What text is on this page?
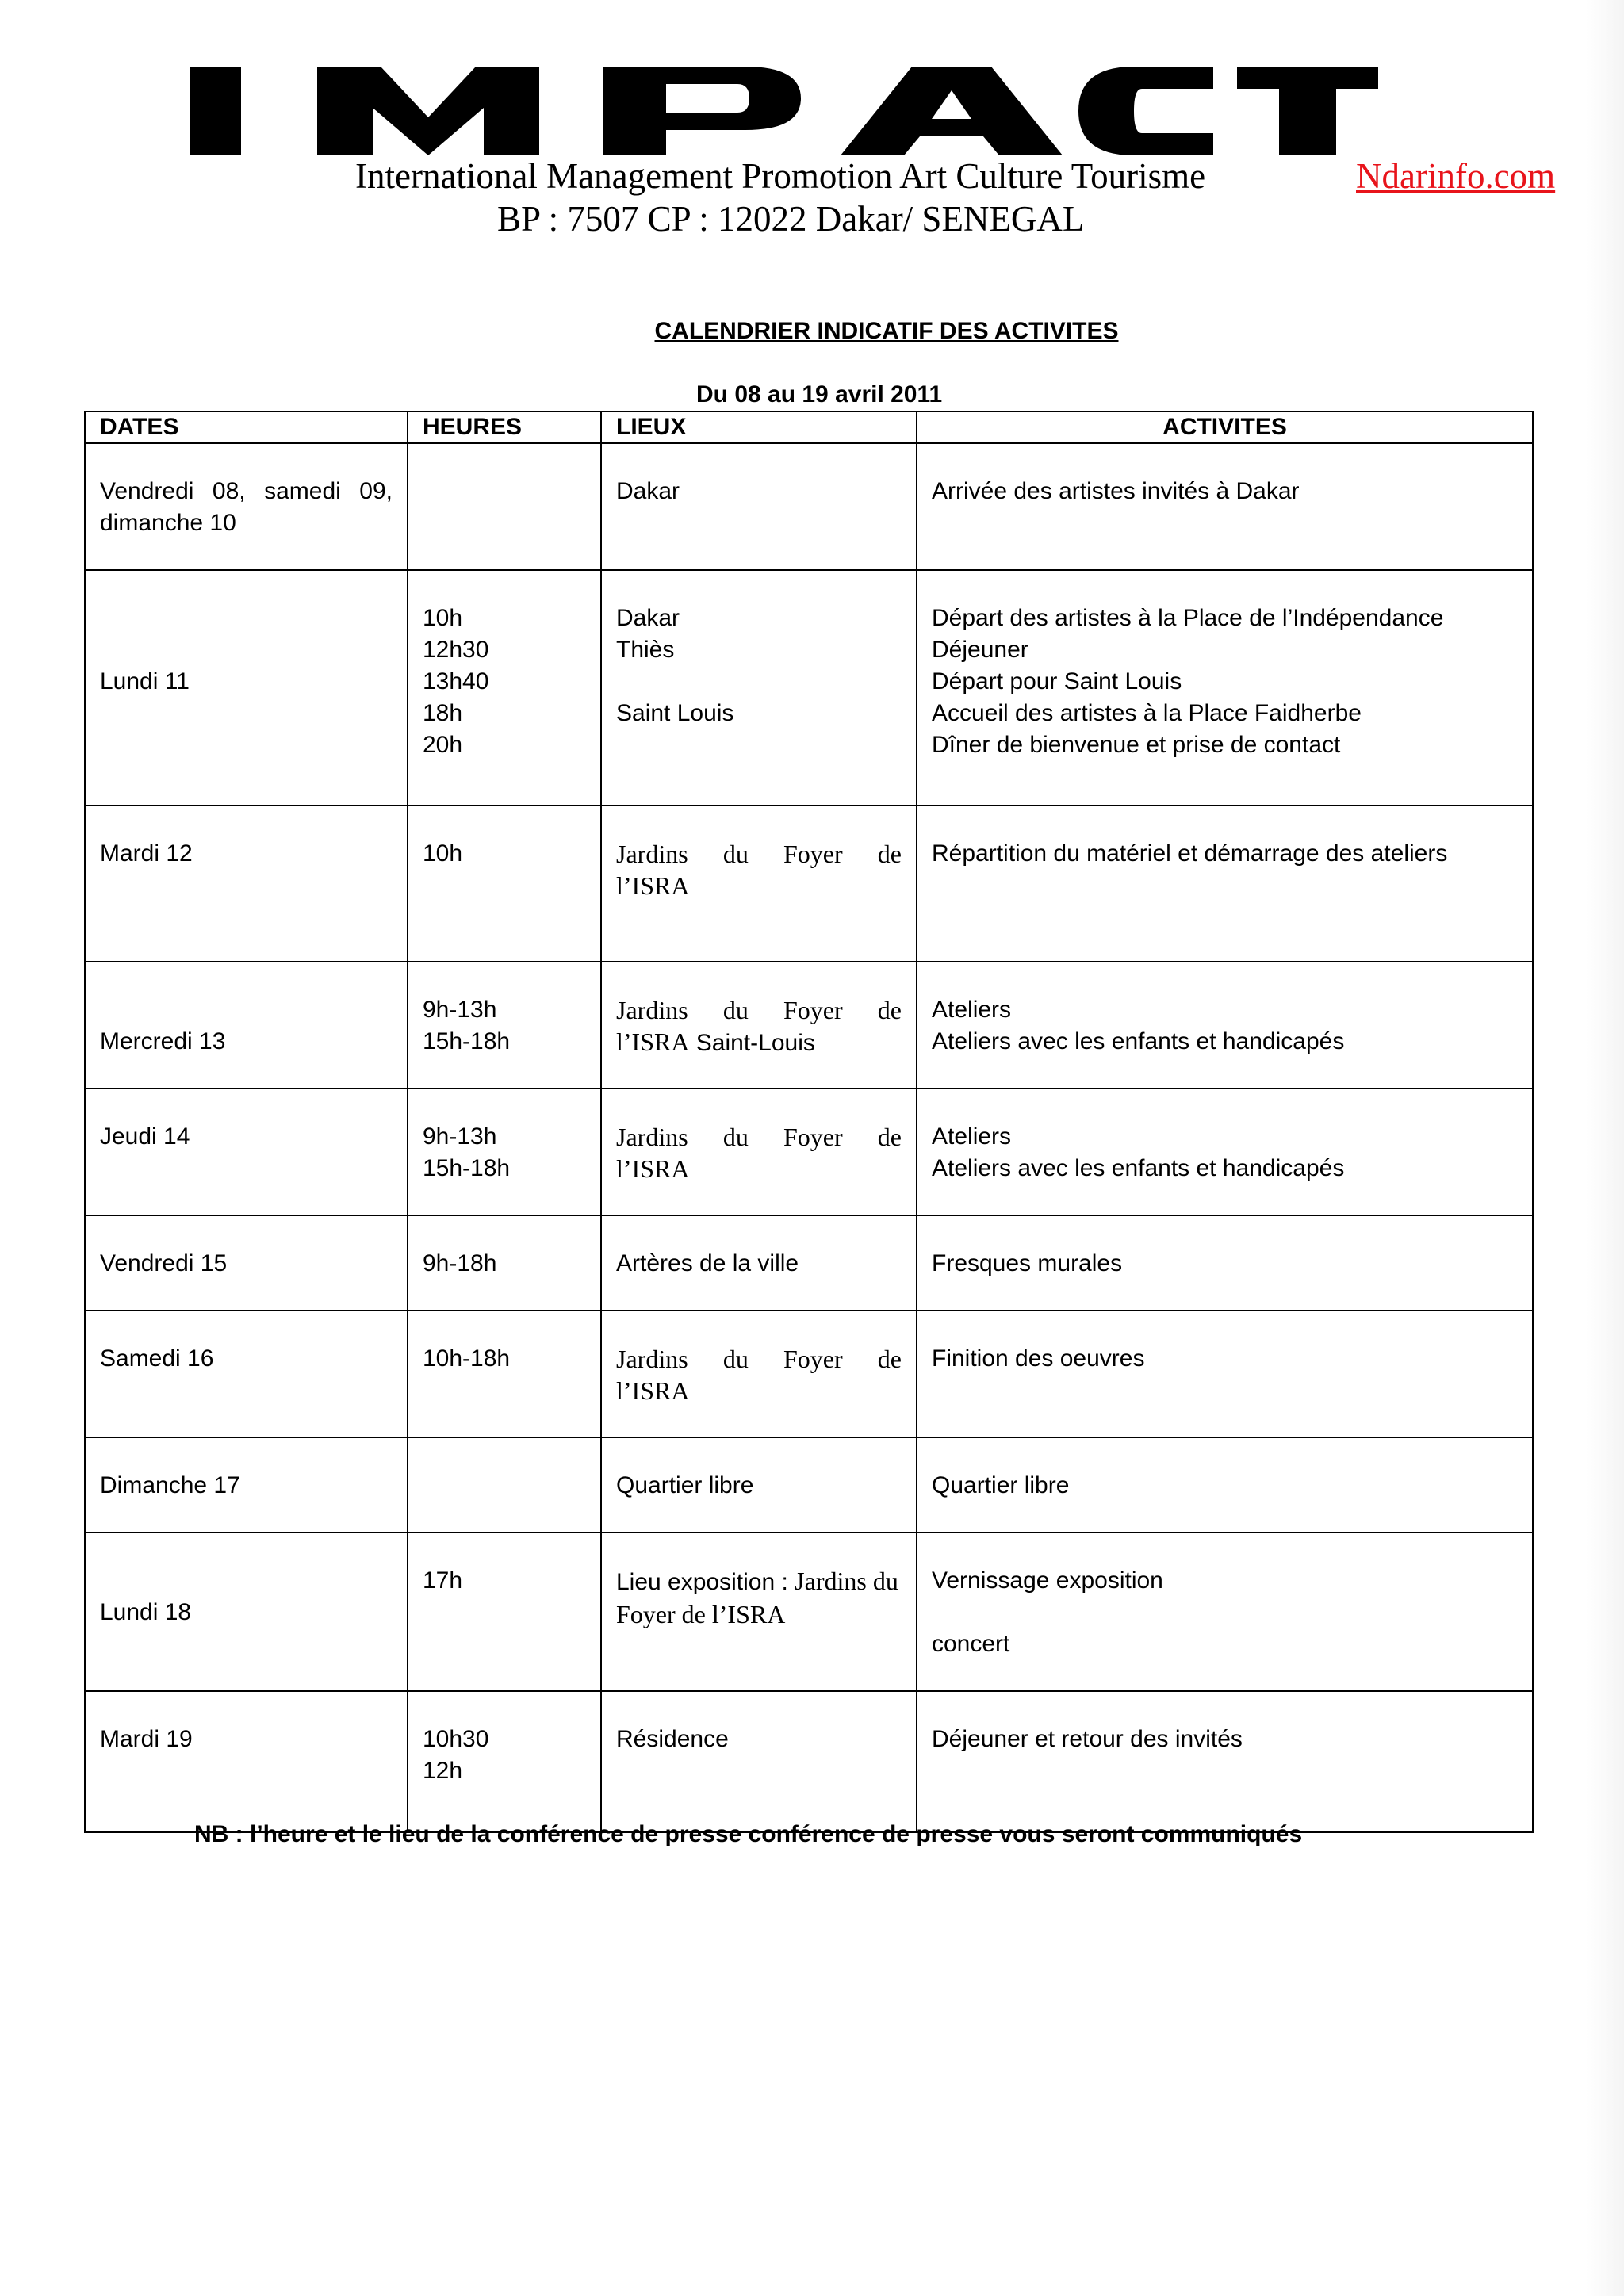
International Management Promotion Art Culture Tourisme
BP : 7507 CP : 12022 Dakar/ SENEGAL
Ndarinfo.com
CALENDRIER INDICATIF DES ACTIVITES
Du 08 au 19 avril 2011
DATES	HEURES	LIEUX	ACTIVITES

Vendredi 08, samedi 09, dimanche 10		Dakar	Arrivée des artistes invités à Dakar

Lundi 11	10h
12h30
13h40
18h
20h	Dakar
Thiès
Saint Louis	Départ des artistes à la Place de l’Indépendance
Déjeuner
Départ pour Saint Louis
Accueil des artistes à la Place Faidherbe
Dîner de bienvenue et prise de contact

Mardi 12	10h	Jardins du Foyer de
l’ISRA	Répartition du matériel et démarrage des ateliers

Mercredi 13	9h-13h
15h-18h	Jardins du Foyer de
l’ISRA Saint-Louis	Ateliers
Ateliers avec les enfants et handicapés

Jeudi 14	9h-13h
15h-18h	Jardins du Foyer de
l’ISRA	Ateliers
Ateliers avec les enfants et handicapés

Vendredi 15	9h-18h	Artères de la ville	Fresques murales

Samedi 16	10h-18h	Jardins du Foyer de
l’ISRA	Finition des oeuvres

Dimanche 17		Quartier libre	Quartier libre

Lundi 18	17h	Lieu exposition : Jardins du
Foyer de l’ISRA	Vernissage exposition
concert

Mardi 19	10h30
12h	Résidence	Déjeuner et retour des invités
NB : l’heure et le lieu de la conférence de presse conférence de presse vous seront communiqués
